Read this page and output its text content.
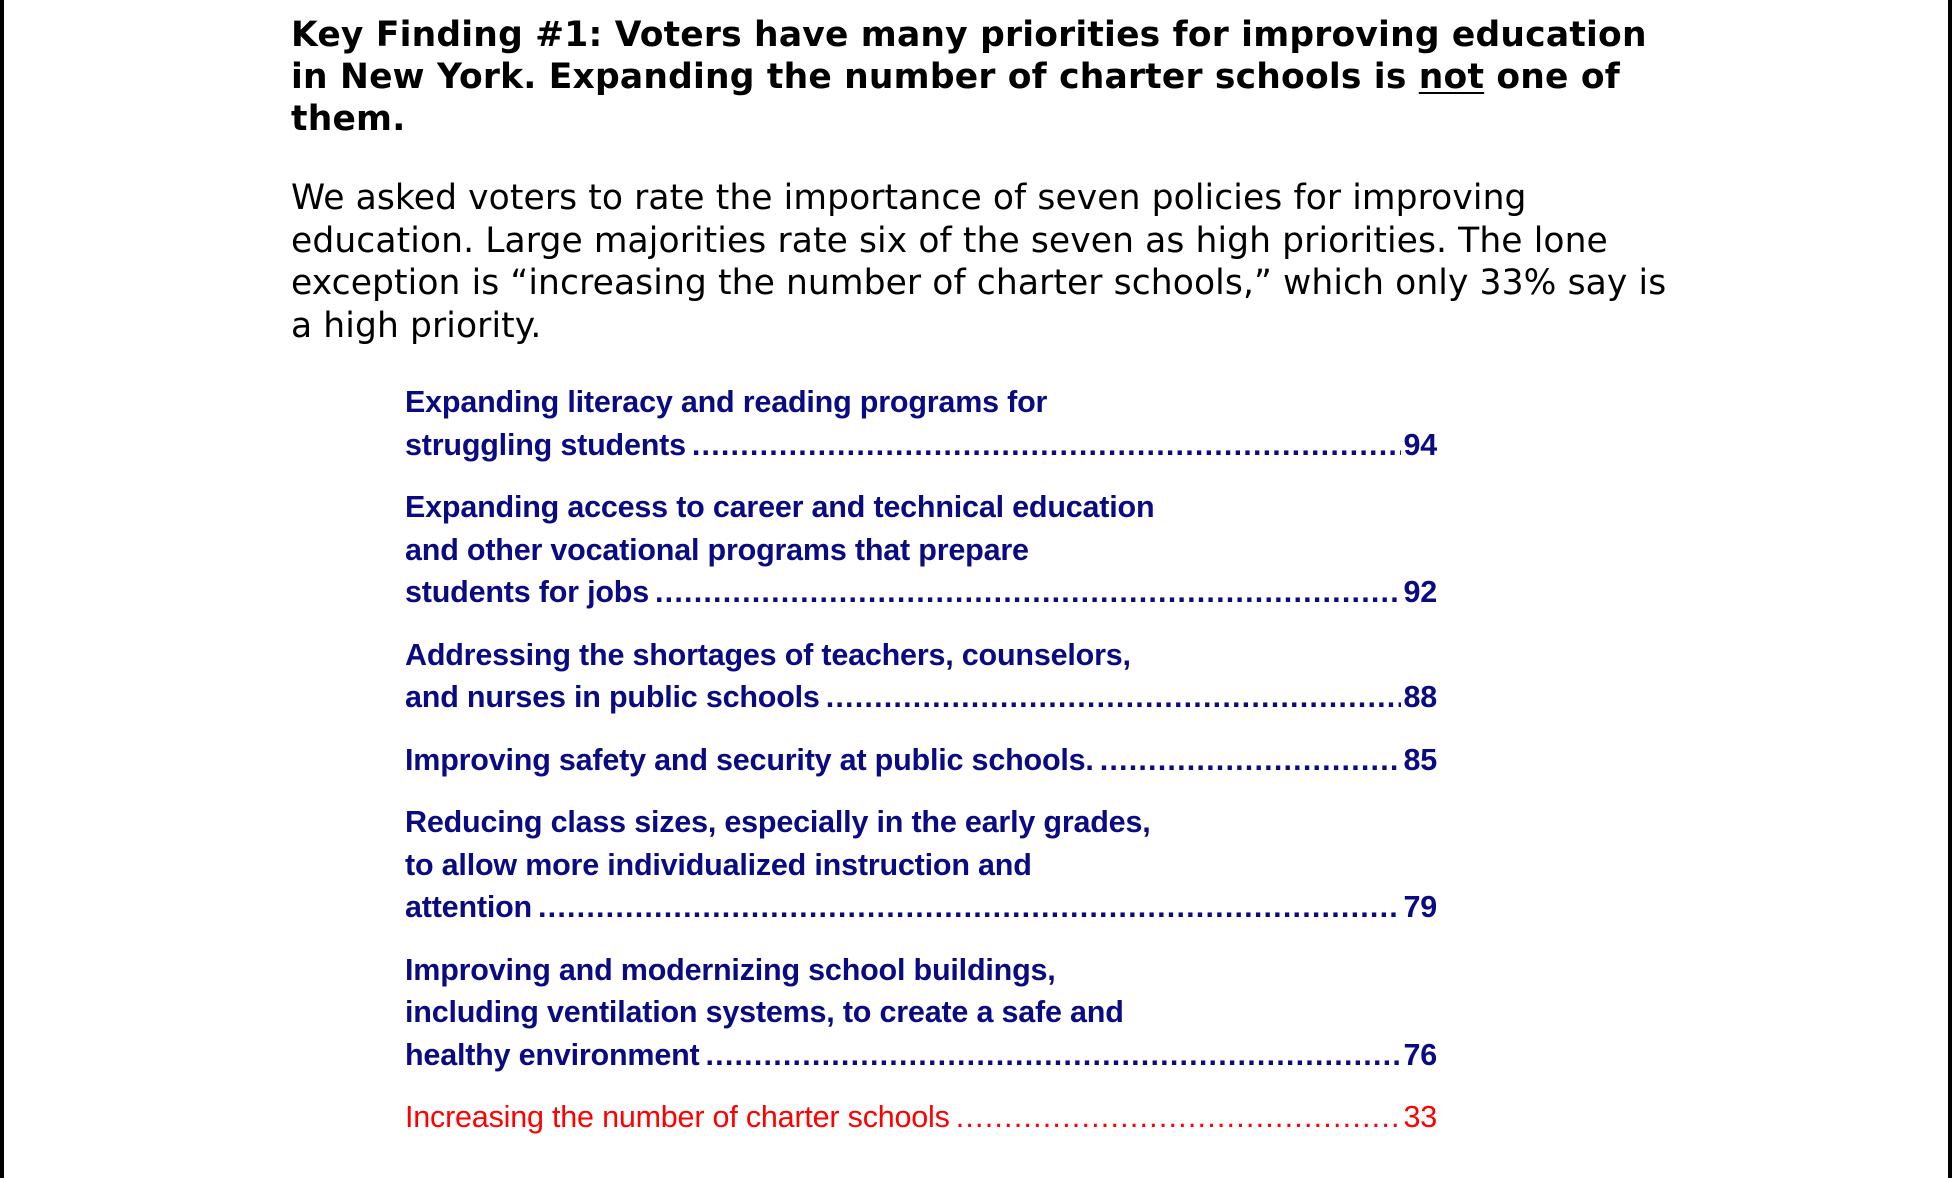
Key Finding #1: Voters have many priorities for improving education in New York. Expanding the number of charter schools is not one of them.

We asked voters to rate the importance of seven policies for improving education. Large majorities rate six of the seven as high priorities. The lone exception is “increasing the number of charter schools,” which only 33% say is a high priority.

Expanding literacy and reading programs for
struggling students .....	94
Expanding access to career and technical education
and other vocational programs that prepare
students for jobs .....	92
Addressing the shortages of teachers, counselors,
and nurses in public schools .....	88
Improving safety and security at public schools. .....	85
Reducing class sizes, especially in the early grades,
to allow more individualized instruction and
attention .....	79
Improving and modernizing school buildings,
including ventilation systems, to create a safe and
healthy environment .....	76
Increasing the number of charter schools .....	33
